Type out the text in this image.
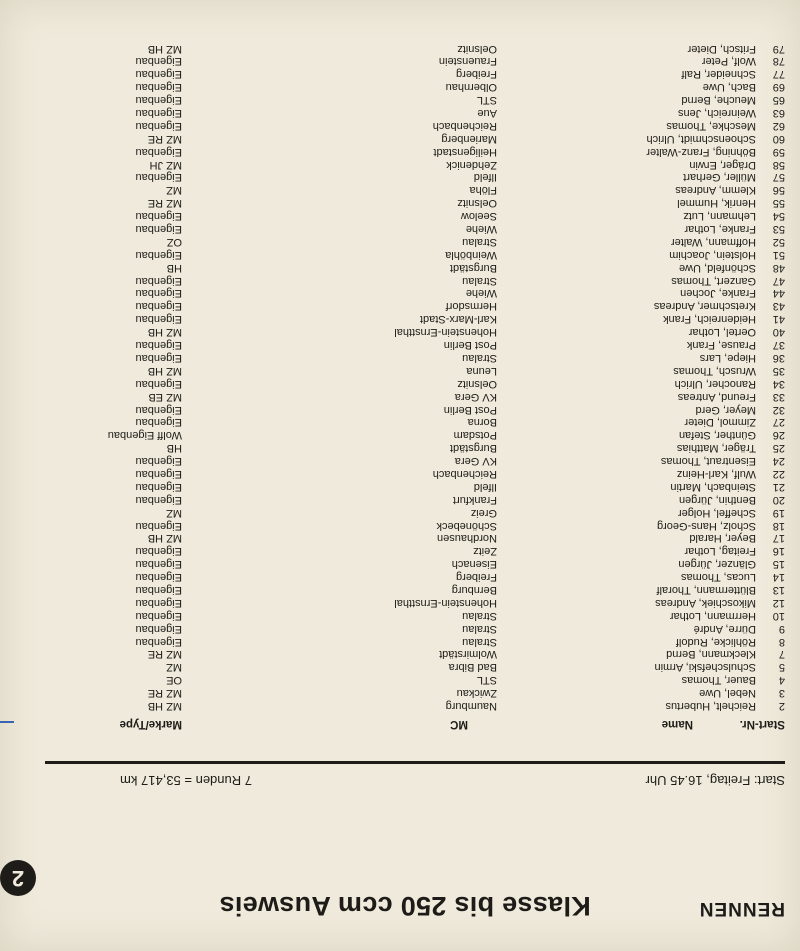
RENNEN
Klasse bis 250 ccm Ausweis
2
Start: Freitag, 16.45 Uhr
7 Runden = 53,417 km
Start-Nr.
Name
MC
Marke/Type
2
Reichelt, Hubertus
Naumburg
MZ HB
3
Nebel, Uwe
Zwickau
MZ RE
4
Bauer, Thomas
STL
OE
5
Schulschefski, Armin
Bad Bibra
MZ
7
Kleckmann, Bernd
Wolmirstädt
MZ RE
8
Röhlicke, Rudolf
Stralau
Eigenbau
9
Dürre, André
Stralau
Eigenbau
10
Herrmann, Lothar
Stralau
Eigenbau
12
Mikoschiek, Andreas
Hohenstein-Ernstthal
Eigenbau
13
Blüttermann, Thoralf
Bernburg
Eigenbau
14
Lucas, Thomas
Freiberg
Eigenbau
15
Glänzer, Jürgen
Eisenach
Eigenbau
16
Freitag, Lothar
Zeitz
Eigenbau
17
Beyer, Harald
Nordhausen
MZ HB
18
Scholz, Hans-Georg
Schönebeck
Eigenbau
19
Scheffel, Holger
Greiz
MZ
20
Benthin, Jürgen
Frankfurt
Eigenbau
21
Steinbach, Martin
Ilfeld
Eigenbau
22
Wulf, Karl-Heinz
Reichenbach
Eigenbau
24
Eisentraut, Thomas
KV Gera
Eigenbau
25
Träger, Matthias
Burgstädt
HB
26
Günther, Stefan
Potsdam
Wolff Eigenbau
27
Zimmol, Dieter
Borna
Eigenbau
32
Meyer, Gerd
Post Berlin
Eigenbau
33
Freund, Antreas
KV Gera
MZ EB
34
Ranocher, Ulrich
Oelsnitz
Eigenbau
35
Wrusch, Thomas
Leuna
MZ HB
36
Hiepe, Lars
Stralau
Eigenbau
37
Prause, Frank
Post Berlin
Eigenbau
40
Oertel, Lothar
Hohenstein-Ernstthal
MZ HB
41
Heidenreich, Frank
Karl-Marx-Stadt
Eigenbau
43
Kretschmer, Andreas
Hermsdorf
Eigenbau
44
Franke, Jochen
Wiehe
Eigenbau
47
Ganzert, Thomas
Stralau
Eigenbau
48
Schönfeld, Uwe
Burgstädt
HB
51
Holstein, Joachim
Weinböhla
Eigenbau
52
Hoffmann, Walter
Stralau
OZ
53
Franke, Lothar
Wiehe
Eigenbau
54
Lehmann, Lutz
Seelow
Eigenbau
55
Henrik, Hummel
Oelsnitz
MZ RE
56
Klemm, Andreas
Flöha
MZ
57
Müller, Gerhart
Ilfeld
Eigenbau
58
Dräger, Erwin
Zehdenick
MZ JH
59
Böhning, Franz-Walter
Heiligenstadt
Eigenbau
60
Schoenschmidt, Ulrich
Marienberg
MZ RE
62
Meschke, Thomas
Reichenbach
Eigenbau
63
Weinreich, Jens
Aue
Eigenbau
65
Meuche, Bernd
STL
Eigenbau
69
Bach, Uwe
Olbernhau
Eigenbau
77
Schneider, Ralf
Freiberg
Eigenbau
78
Wolf, Peter
Frauenstein
Eigenbau
79
Fritsch, Dieter
Oelsnitz
MZ HB
